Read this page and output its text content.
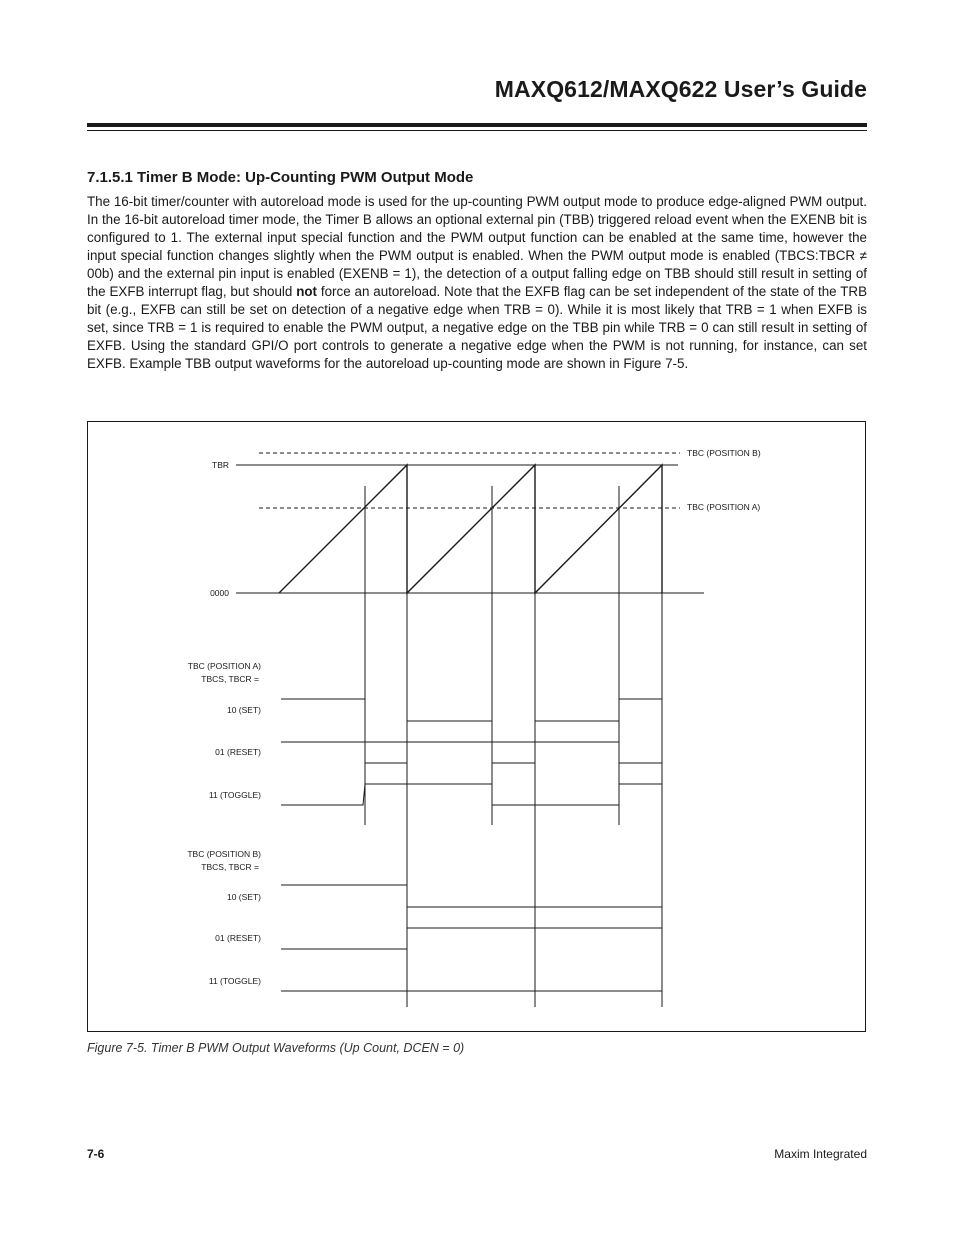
MAXQ612/MAXQ622 User’s Guide
7.1.5.1 Timer B Mode: Up-Counting PWM Output Mode

The 16-bit timer/counter with autoreload mode is used for the up-counting PWM output mode to produce edge-aligned PWM output. In the 16-bit autoreload timer mode, the Timer B allows an optional external pin (TBB) triggered reload event when the EXENB bit is configured to 1. The external input special function and the PWM output function can be enabled at the same time, however the input special function changes slightly when the PWM output is enabled. When the PWM output mode is enabled (TBCS:TBCR ≠ 00b) and the external pin input is enabled (EXENB = 1), the detection of a output falling edge on TBB should still result in setting of the EXFB interrupt flag, but should not force an autoreload. Note that the EXFB flag can be set independent of the state of the TRB bit (e.g., EXFB can still be set on detection of a negative edge when TRB = 0). While it is most likely that TRB = 1 when EXFB is set, since TRB = 1 is required to enable the PWM output, a negative edge on the TBB pin while TRB = 0 can still result in setting of EXFB. Using the standard GPI/O port controls to generate a negative edge when the PWM is not running, for instance, can set EXFB. Example TBB output waveforms for the autoreload up-counting mode are shown in Figure 7-5.

TBR
0000
TBC (POSITION B)
TBC (POSITION A)
TBC (POSITION A)
TBCS, TBCR =
10 (SET)
01 (RESET)
11 (TOGGLE)
TBC (POSITION B)
TBCS, TBCR =
10 (SET)
01 (RESET)
11 (TOGGLE)

Figure 7-5. Timer B PWM Output Waveforms (Up Count, DCEN = 0)

7-6	Maxim Integrated
